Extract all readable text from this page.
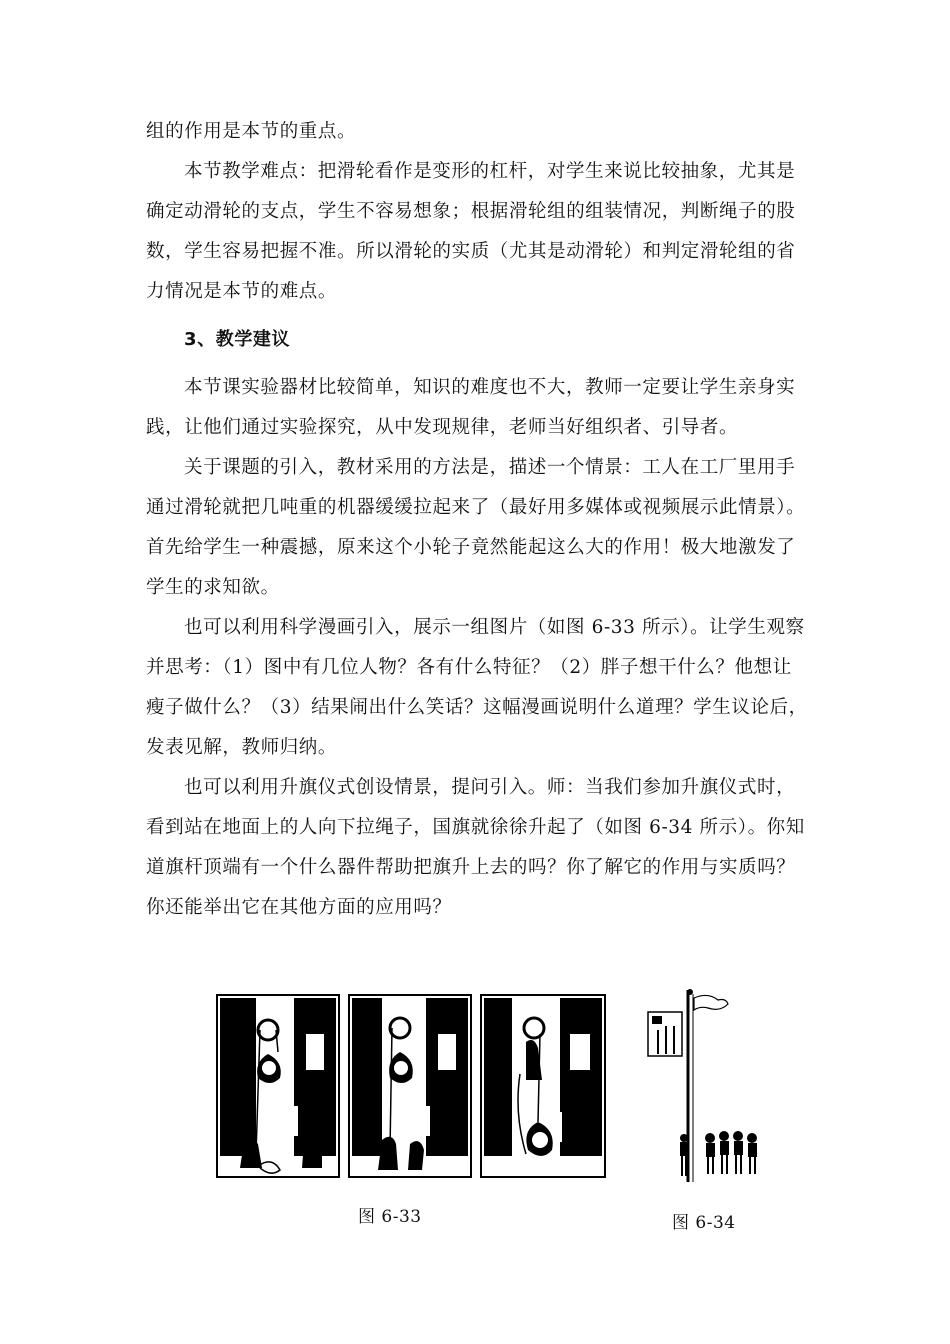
组的作用是本节的重点。
本节教学难点：把滑轮看作是变形的杠杆，对学生来说比较抽象，尤其是
确定动滑轮的支点，学生不容易想象；根据滑轮组的组装情况，判断绳子的股
数，学生容易把握不准。所以滑轮的实质（尤其是动滑轮）和判定滑轮组的省
力情况是本节的难点。
3、教学建议
本节课实验器材比较简单，知识的难度也不大，教师一定要让学生亲身实
践，让他们通过实验探究，从中发现规律，老师当好组织者、引导者。
关于课题的引入，教材采用的方法是，描述一个情景：工人在工厂里用手
通过滑轮就把几吨重的机器缓缓拉起来了（最好用多媒体或视频展示此情景）。
首先给学生一种震撼，原来这个小轮子竟然能起这么大的作用！极大地激发了
学生的求知欲。
也可以利用科学漫画引入，展示一组图片（如图 6-33 所示）。让学生观察
并思考：（1）图中有几位人物？各有什么特征？（2）胖子想干什么？他想让
瘦子做什么？（3）结果闹出什么笑话？这幅漫画说明什么道理？学生议论后，
发表见解，教师归纳。
也可以利用升旗仪式创设情景，提问引入。师：当我们参加升旗仪式时，
看到站在地面上的人向下拉绳子，国旗就徐徐升起了（如图 6-34 所示）。你知
道旗杆顶端有一个什么器件帮助把旗升上去的吗？你了解它的作用与实质吗？
你还能举出它在其他方面的应用吗？
图 6-33	图 6-34
